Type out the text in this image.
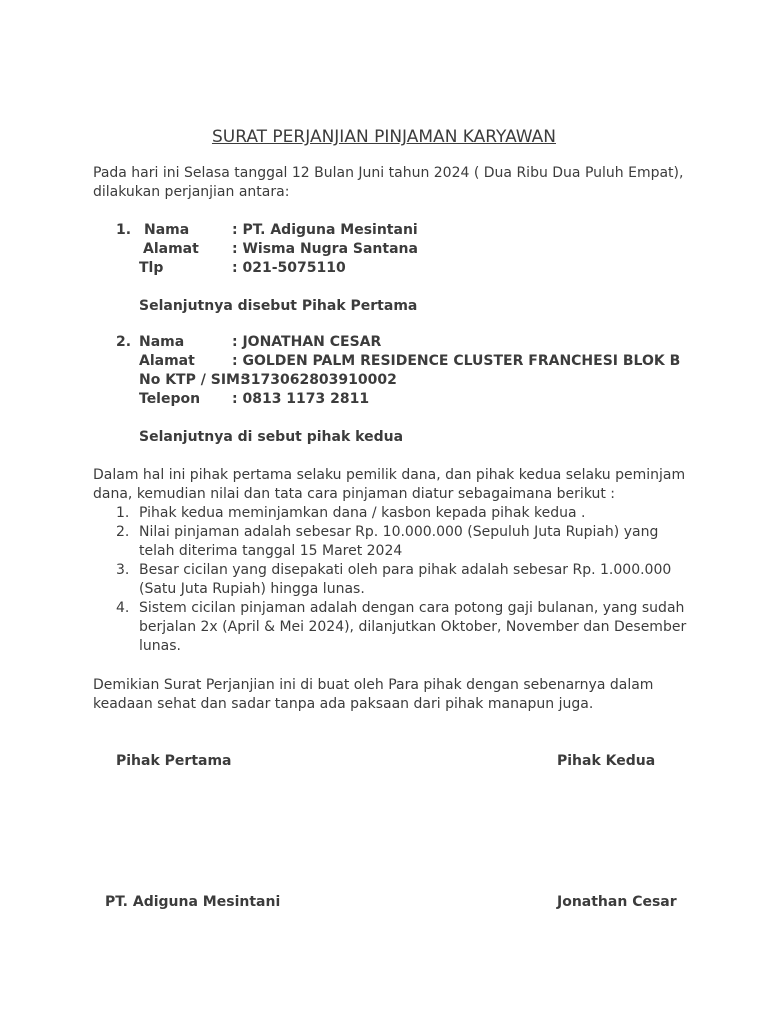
SURAT PERJANJIAN PINJAMAN KARYAWAN
Pada hari ini Selasa tanggal 12 Bulan Juni tahun 2024 ( Dua Ribu Dua Puluh Empat),
dilakukan perjanjian antara:
1. Nama	: PT. Adiguna Mesintani
Alamat : Wisma Nugra Santana
Tlp	: 021-5075110
Selanjutnya disebut Pihak Pertama
2. Nama	: JONATHAN CESAR
Alamat	: GOLDEN PALM RESIDENCE CLUSTER FRANCHESI BLOK B
No KTP / SIM:
3173062803910002
Telepon : 0813 1173 2811
Selanjutnya di sebut pihak kedua
Dalam hal ini pihak pertama selaku pemilik dana, dan pihak kedua selaku peminjam
dana, kemudian nilai dan tata cara pinjaman diatur sebagaimana berikut :
1. Pihak kedua meminjamkan dana / kasbon kepada pihak kedua .
2. Nilai pinjaman adalah sebesar Rp. 10.000.000 (Sepuluh Juta Rupiah) yang
telah diterima tanggal 15 Maret 2024
3. Besar cicilan yang disepakati oleh para pihak adalah sebesar Rp. 1.000.000
(Satu Juta Rupiah) hingga lunas.
4. Sistem cicilan pinjaman adalah dengan cara potong gaji bulanan, yang sudah
berjalan 2x (April & Mei 2024), dilanjutkan Oktober, November dan Desember
lunas.
Demikian Surat Perjanjian ini di buat oleh Para pihak dengan sebenarnya dalam
keadaan sehat dan sadar tanpa ada paksaan dari pihak manapun juga.
Pihak Pertama	Pihak Kedua
PT. Adiguna Mesintani	Jonathan Cesar
